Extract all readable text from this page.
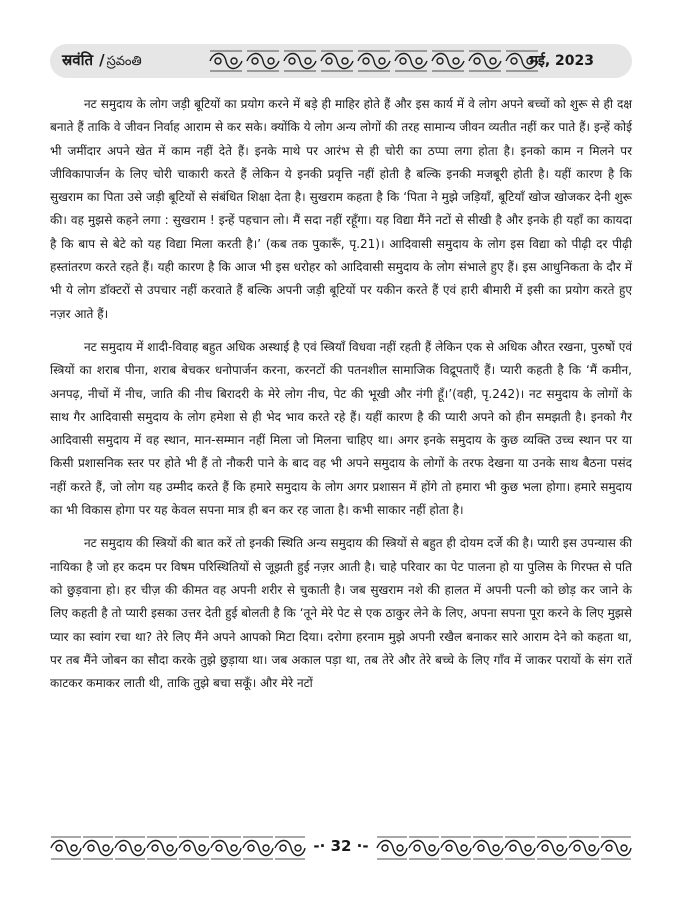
स्रवंति / స్రవంతి	मई, 2023

नट समुदाय के लोग जड़ी बूटियों का प्रयोग करने में बड़े ही माहिर होते हैं और इस कार्य में वे लोग अपने बच्चों को शुरू से ही दक्ष बनाते हैं ताकि वे जीवन निर्वाह आराम से कर सके। क्योंकि ये लोग अन्य लोगों की तरह सामान्य जीवन व्यतीत नहीं कर पाते हैं। इन्हें कोई भी जमींदार अपने खेत में काम नहीं देते हैं। इनके माथे पर आरंभ से ही चोरी का ठप्पा लगा होता है। इनको काम न मिलने पर जीविकापार्जन के लिए चोरी चाकारी करते हैं लेकिन ये इनकी प्रवृत्ति नहीं होती है बल्कि इनकी मजबूरी होती है। यहीं कारण है कि सुखराम का पिता उसे जड़ी बूटियों से संबंधित शिक्षा देता है। सुखराम कहता है कि ‘पिता ने मुझे जड़ियाँ, बूटियाँ खोज खोजकर देनी शुरू की। वह मुझसे कहने लगा : सुखराम ! इन्हें पहचान लो। मैं सदा नहीं रहूँगा। यह विद्या मैंने नटों से सीखी है और इनके ही यहाँ का कायदा है कि बाप से बेटे को यह विद्या मिला करती है।’ (कब तक पुकारूँ, पृ.21)। आदिवासी समुदाय के लोग इस विद्या को पीढ़ी दर पीढ़ी हस्तांतरण करते रहते हैं। यही कारण है कि आज भी इस धरोहर को आदिवासी समुदाय के लोग संभाले हुए हैं। इस आधुनिकता के दौर में भी ये लोग डॉक्टरों से उपचार नहीं करवाते हैं बल्कि अपनी जड़ी बूटियों पर यकीन करते हैं एवं हारी बीमारी में इसी का प्रयोग करते हुए नज़र आते हैं।

नट समुदाय में शादी-विवाह बहुत अधिक अस्थाई है एवं स्त्रियाँ विधवा नहीं रहती हैं लेकिन एक से अधिक औरत रखना, पुरुषों एवं स्त्रियों का शराब पीना, शराब बेचकर धनोपार्जन करना, करनटों की पतनशील सामाजिक विद्रूपताएँ हैं। प्यारी कहती है कि ‘मैं कमीन, अनपढ़, नीचों में नीच, जाति की नीच बिरादरी के मेरे लोग नीच, पेट की भूखी और नंगी हूँ।’(वही, पृ.242)। नट समुदाय के लोगों के साथ गैर आदिवासी समुदाय के लोग हमेशा से ही भेद भाव करते रहे हैं। यहीं कारण है की प्यारी अपने को हीन समझती है। इनको गैर आदिवासी समुदाय में वह स्थान, मान-सम्मान नहीं मिला जो मिलना चाहिए था। अगर इनके समुदाय के कुछ व्यक्ति उच्च स्थान पर या किसी प्रशासनिक स्तर पर होते भी हैं तो नौकरी पाने के बाद वह भी अपने समुदाय के लोगों के तरफ देखना या उनके साथ बैठना पसंद नहीं करते हैं, जो लोग यह उम्मीद करते हैं कि हमारे समुदाय के लोग अगर प्रशासन में होंगे तो हमारा भी कुछ भला होगा। हमारे समुदाय का भी विकास होगा पर यह केवल सपना मात्र ही बन कर रह जाता है। कभी साकार नहीं होता है।

नट समुदाय की स्त्रियों की बात करें तो इनकी स्थिति अन्य समुदाय की स्त्रियों से बहुत ही दोयम दर्जे की है। प्यारी इस उपन्यास की नायिका है जो हर कदम पर विषम परिस्थितियों से जूझती हुई नज़र आती है। चाहे परिवार का पेट पालना हो या पुलिस के गिरफ्त से पति को छुड़वाना हो। हर चीज़ की कीमत वह अपनी शरीर से चुकाती है। जब सुखराम नशे की हालत में अपनी पत्नी को छोड़ कर जाने के लिए कहती है तो प्यारी इसका उत्तर देती हुई बोलती है कि ‘तूने मेरे पेट से एक ठाकुर लेने के लिए, अपना सपना पूरा करने के लिए मुझसे प्यार का स्वांग रचा था? तेरे लिए मैंने अपने आपको मिटा दिया। दरोगा हरनाम मुझे अपनी रखैल बनाकर सारे आराम देने को कहता था, पर तब मैंने जोबन का सौदा करके तुझे छुड़ाया था। जब अकाल पड़ा था, तब तेरे और तेरे बच्चे के लिए गाँव में जाकर परायों के संग रातें काटकर कमाकर लाती थी, ताकि तुझे बचा सकूँ। और मेरे नटों

-· 32 ·-
